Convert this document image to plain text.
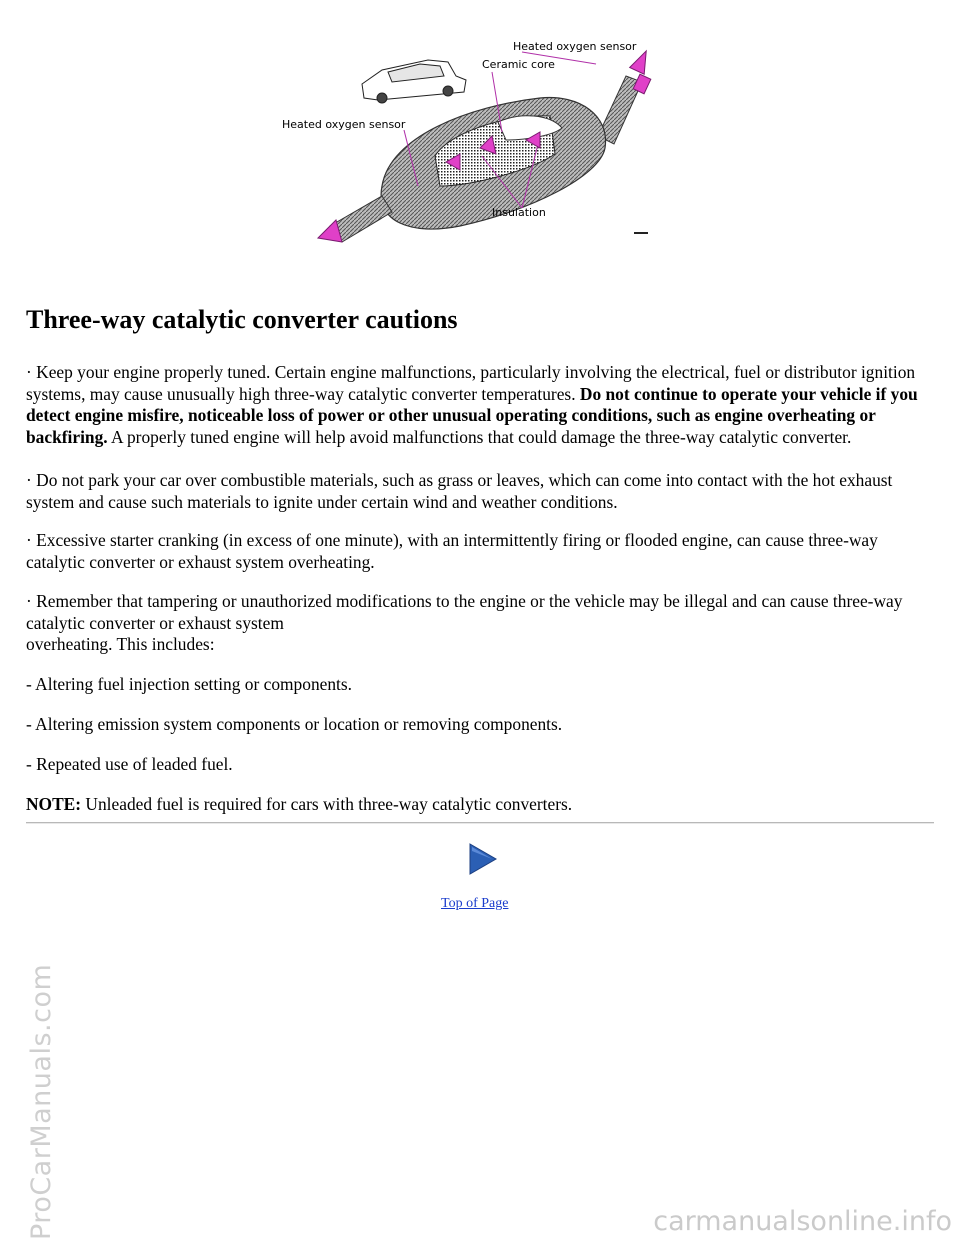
Heated oxygen sensor
Ceramic core
Heated oxygen sensor
Insulation
Three-way catalytic converter cautions

· Keep your engine properly tuned. Certain engine malfunctions, particularly involving the electrical, fuel or distributor ignition systems, may cause unusually high three-way catalytic converter temperatures. Do not continue to operate your vehicle if you detect engine misfire, noticeable loss of power or other unusual operating conditions, such as engine overheating or backfiring. A properly tuned engine will help avoid malfunctions that could damage the three-way catalytic converter.

· Do not park your car over combustible materials, such as grass or leaves, which can come into contact with the hot exhaust system and cause such materials to ignite under certain wind and weather conditions.

· Excessive starter cranking (in excess of one minute), with an intermittently firing or flooded engine, can cause three-way catalytic converter or exhaust system overheating.

· Remember that tampering or unauthorized modifications to the engine or the vehicle may be illegal and can cause three-way catalytic converter or exhaust system
overheating. This includes:

- Altering fuel injection setting or components.

- Altering emission system components or location or removing components.

- Repeated use of leaded fuel.

NOTE: Unleaded fuel is required for cars with three-way catalytic converters.

Top of Page
ProCarManuals.com	carmanualsonline.info
